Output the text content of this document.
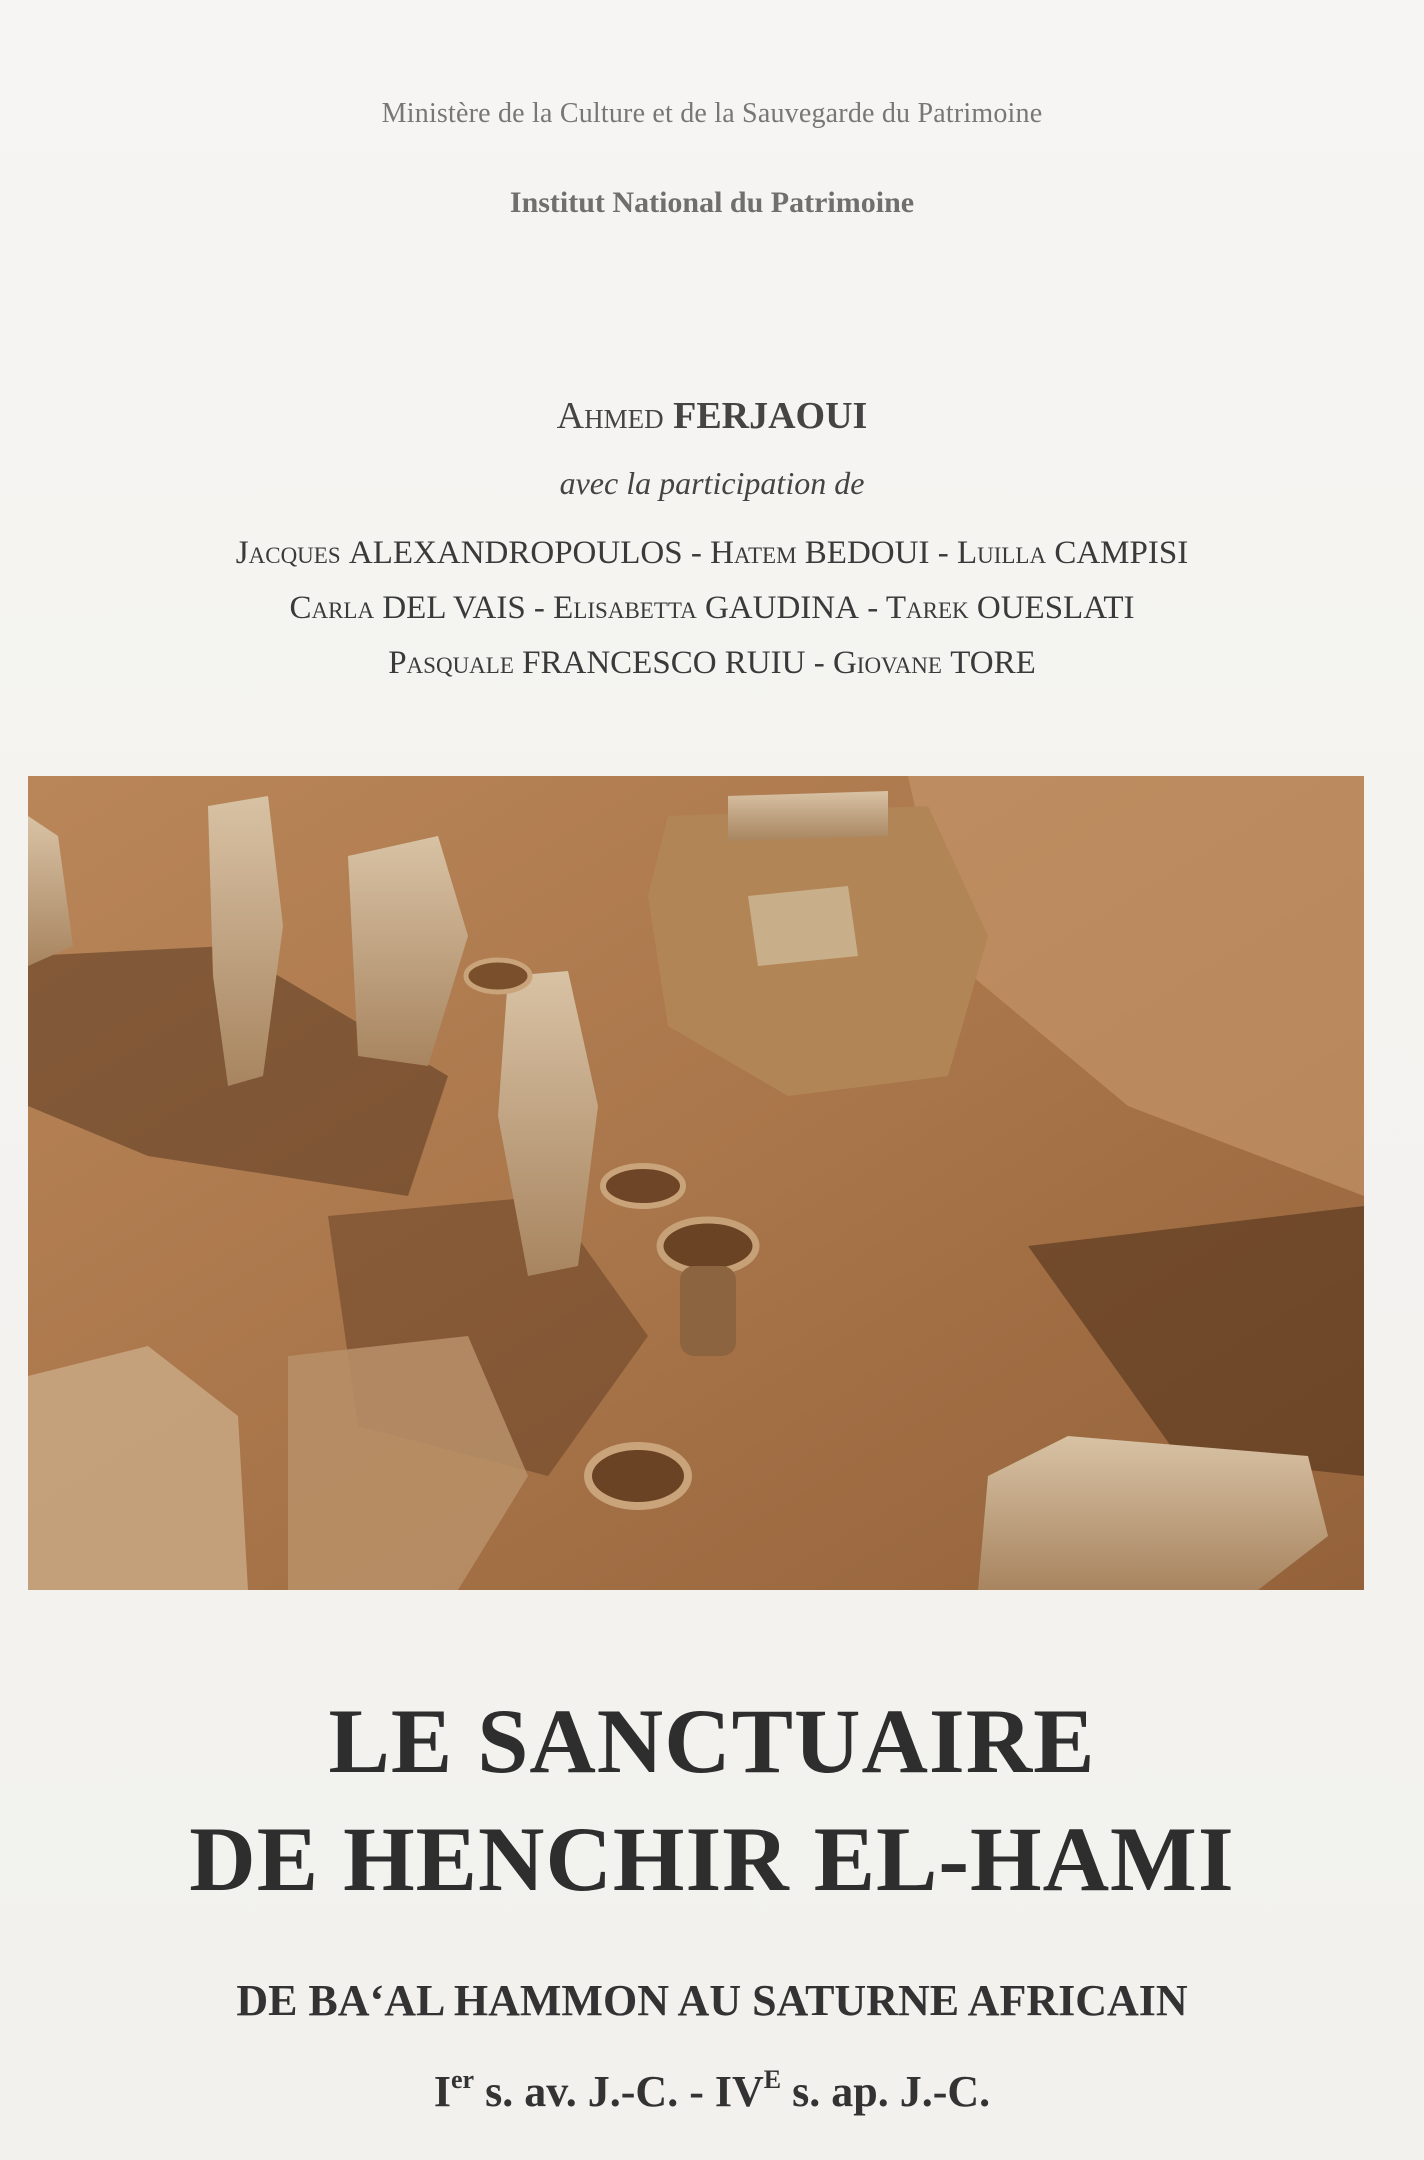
Ministère de la Culture et de la Sauvegarde du Patrimoine
Institut National du Patrimoine
Ahmed FERJAOUI
avec la participation de
Jacques ALEXANDROPOULOS - Hatem BEDOUI - Luilla CAMPISI
Carla DEL VAIS - Elisabetta GAUDINA - Tarek OUESLATI
Pasquale FRANCESCO RUIU - Giovane TORE
LE SANCTUAIRE
DE HENCHIR EL-HAMI
DE BA‘AL HAMMON AU SATURNE AFRICAIN
Ier s. av. J.-C. - $IV^E$ s. ap. J.-C.
